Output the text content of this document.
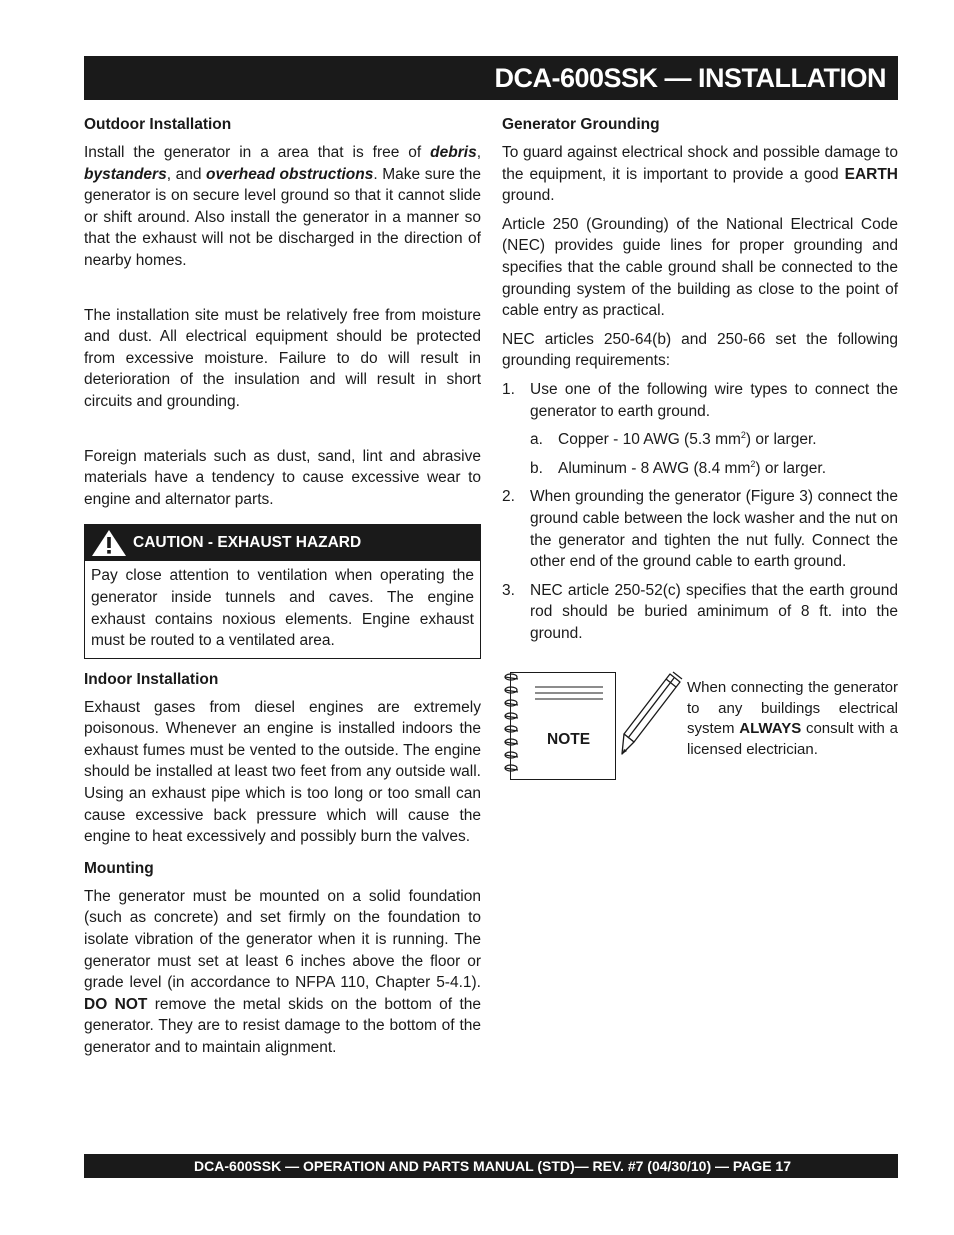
DCA-600SSK — INSTALLATION
Outdoor Installation

Install the generator in a area that is free of debris, bystanders, and overhead obstructions. Make sure the generator is on secure level ground so that it cannot slide or shift around. Also install the generator in a manner so that the exhaust will not be discharged in the direction of nearby homes.

The installation site must be relatively free from moisture and dust. All electrical equipment should be protected from excessive moisture. Failure to do will result in deterioration of the insulation and will result in short circuits and grounding.

Foreign materials such as dust, sand, lint and abrasive materials have a tendency to cause excessive wear to engine and alternator parts.

CAUTION - EXHAUST HAZARD

Pay close attention to ventilation when operating the generator inside tunnels and caves. The engine exhaust contains noxious elements. Engine exhaust must be routed to a ventilated area.

Indoor Installation

Exhaust gases from diesel engines are extremely poisonous. Whenever an engine is installed indoors the exhaust fumes must be vented to the outside. The engine should be installed at least two feet from any outside wall. Using an exhaust pipe which is too long or too small can cause excessive back pressure which will cause the engine to heat excessively and possibly burn the valves.

Mounting

The generator must be mounted on a solid foundation (such as concrete) and set firmly on the foundation to isolate vibration of the generator when it is running. The generator must set at least 6 inches above the floor or grade level (in accordance to NFPA 110, Chapter 5-4.1). DO NOT remove the metal skids on the bottom of the generator. They are to resist damage to the bottom of the generator and to maintain alignment.

Generator Grounding

To guard against electrical shock and possible damage to the equipment, it is important to provide a good EARTH ground.

Article 250 (Grounding) of the National Electrical Code (NEC) provides guide lines for proper grounding and specifies that the cable ground shall be connected to the grounding system of the building as close to the point of cable entry as practical.

NEC articles 250-64(b) and 250-66 set the following grounding requirements:

1. Use one of the following wire types to connect the generator to earth ground.
a. Copper - 10 AWG (5.3 $mm^2$) or larger.
b. Aluminum - 8 AWG (8.4 $mm^2$) or larger.
2. When grounding the generator (Figure 3) connect the ground cable between the lock washer and the nut on the generator and tighten the nut fully. Connect the other end of the ground cable to earth ground.
3. NEC article 250-52(c) specifies that the earth ground rod should be buried aminimum of 8 ft. into the ground.
NOTE
When connecting the generator to any buildings electrical system ALWAYS consult with a licensed electrician.
DCA-600SSK — OPERATION AND PARTS MANUAL (STD)— REV. #7 (04/30/10) — PAGE 17
